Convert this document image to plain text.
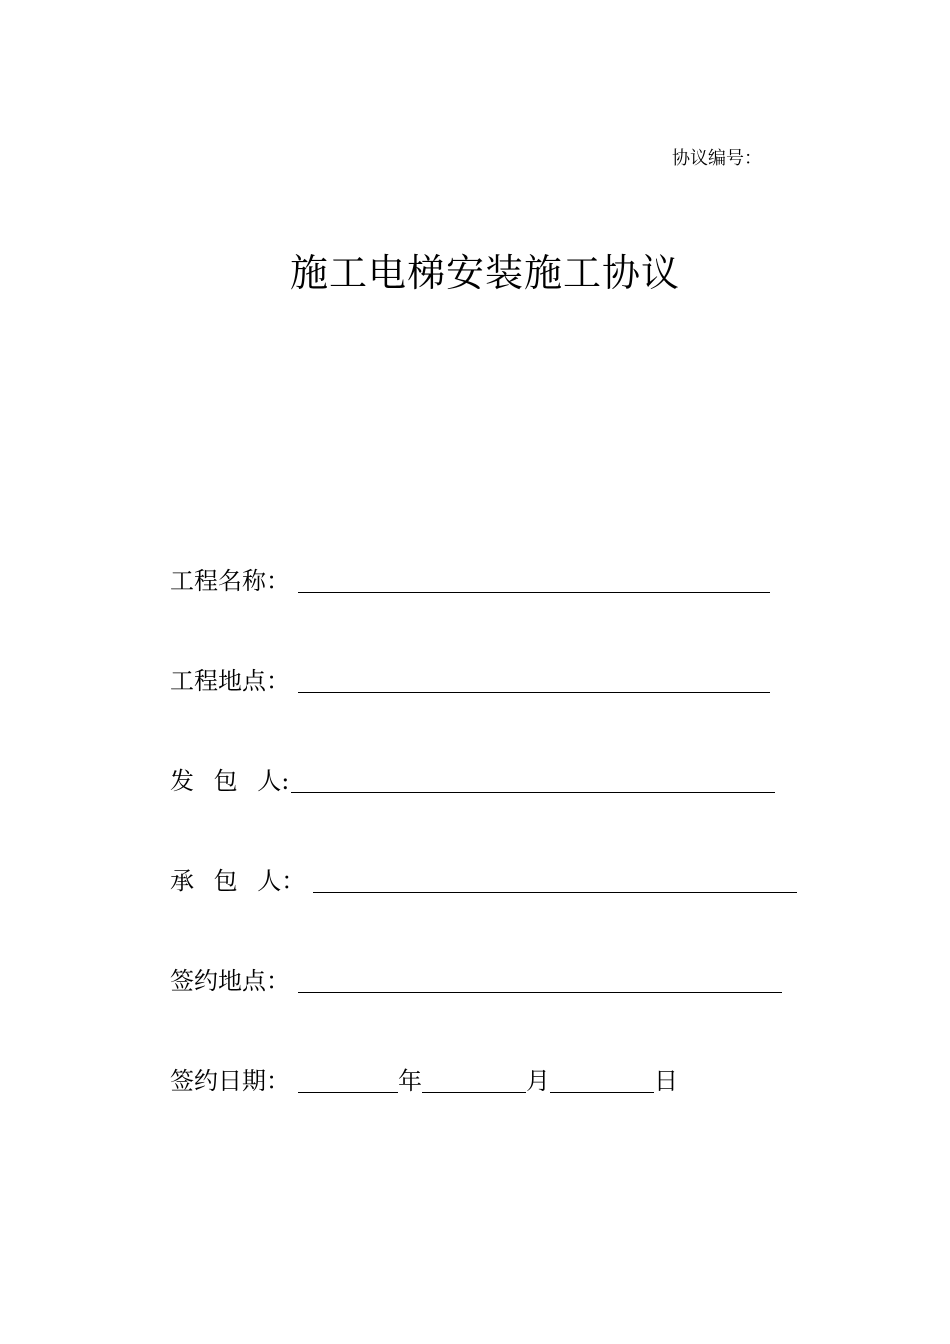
协议编号：
施工电梯安装施工协议
工程名称：
工程地点：
发 包 人:
承 包 人：
签约地点：
签约日期：	年	月	日
